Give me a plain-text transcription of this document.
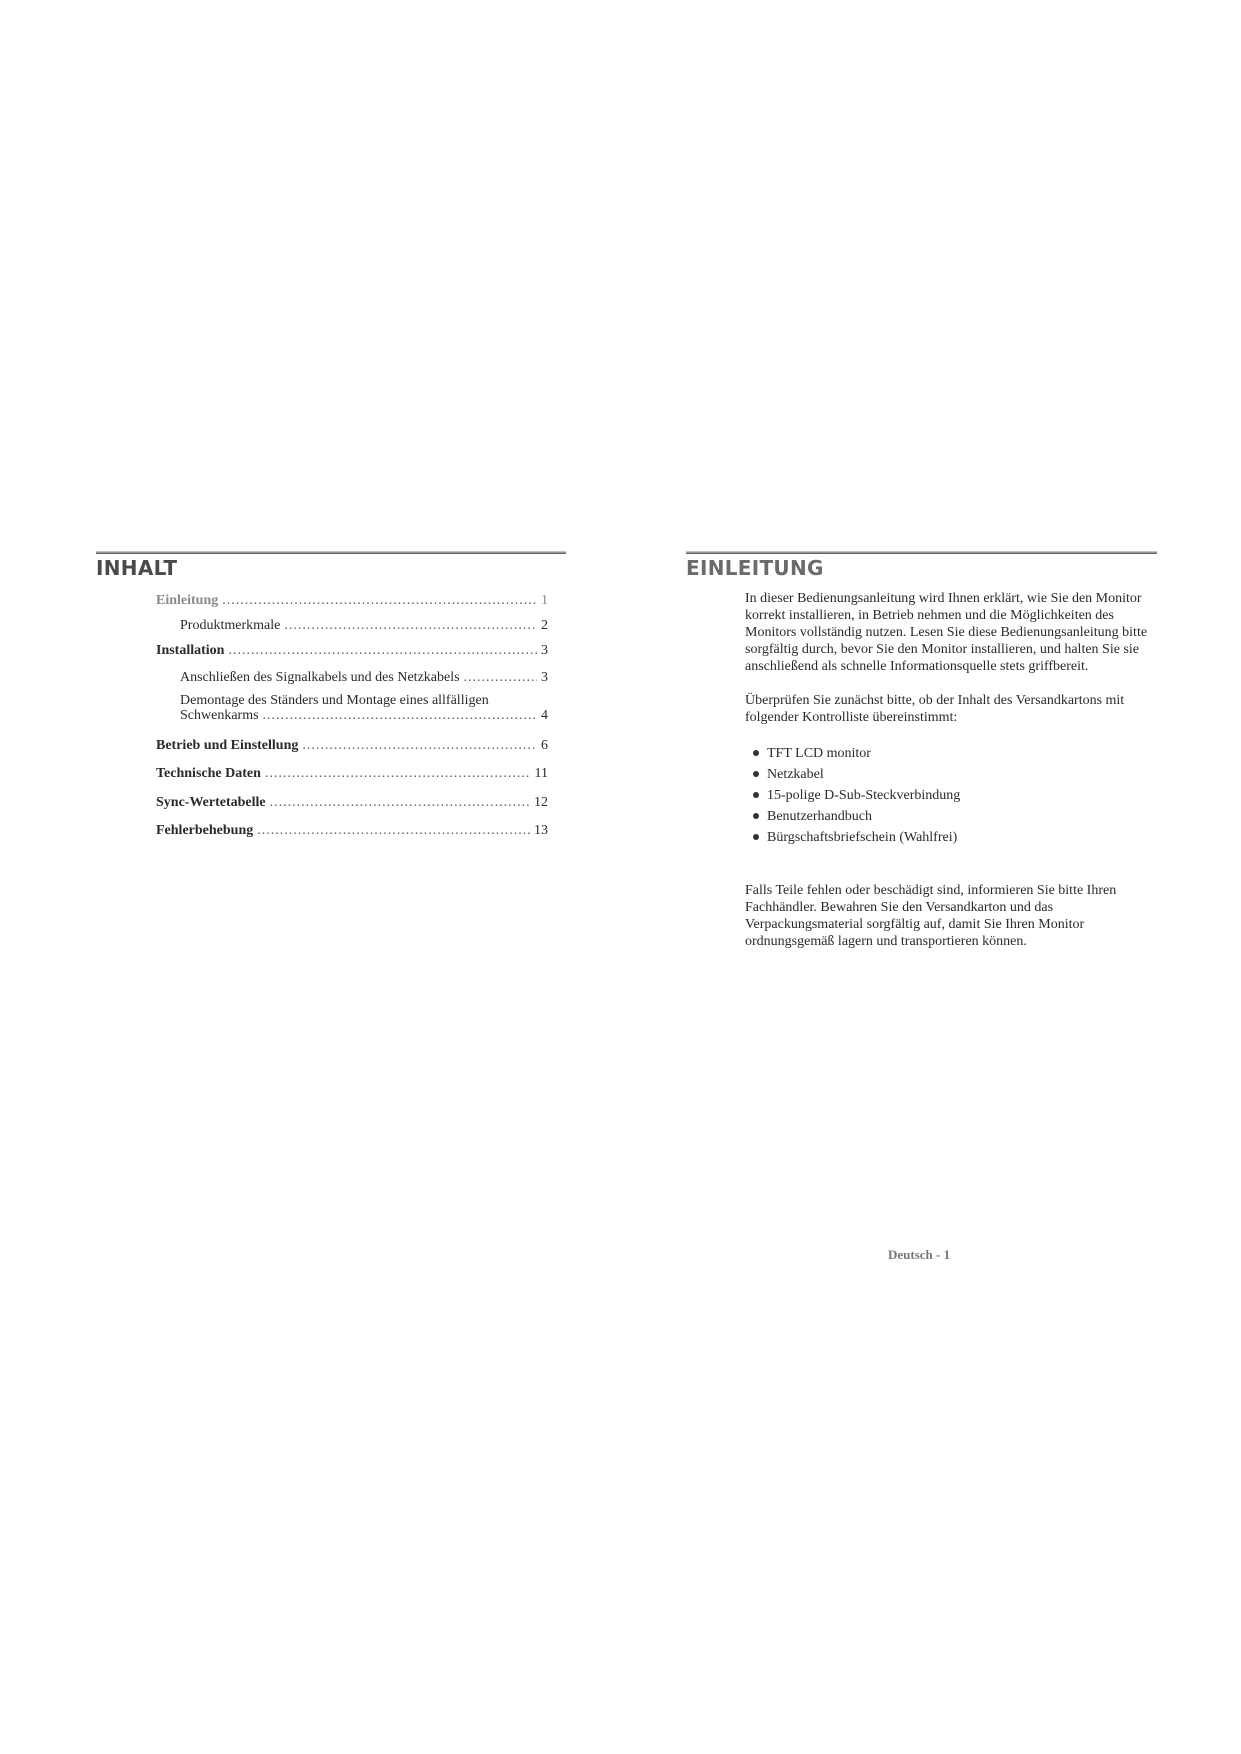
INHALT
Einleitung .....	1
Produktmerkmale .....	2
Installation .....	3
Anschließen des Signalkabels und des Netzkabels .....	3
Demontage des Ständers und Montage eines allfälligen
Schwenkarms .....	4
Betrieb und Einstellung .....	6
Technische Daten .....	11
Sync-Wertetabelle .....	12
Fehlerbehebung .....	13
EINLEITUNG

In dieser Bedienungsanleitung wird Ihnen erklärt, wie Sie den Monitor korrekt installieren, in Betrieb nehmen und die Möglichkeiten des Monitors vollständig nutzen. Lesen Sie diese Bedienungsanleitung bitte sorgfältig durch, bevor Sie den Monitor installieren, und halten Sie sie anschließend als schnelle Informationsquelle stets griffbereit.

Überprüfen Sie zunächst bitte, ob der Inhalt des Versandkartons mit folgender Kontrolliste übereinstimmt:

TFT LCD monitor
Netzkabel
15-polige D-Sub-Steckverbindung
Benutzerhandbuch
Bürgschaftsbriefschein (Wahlfrei)

Falls Teile fehlen oder beschädigt sind, informieren Sie bitte Ihren Fachhändler. Bewahren Sie den Versandkarton und das Verpackungsmaterial sorgfältig auf, damit Sie Ihren Monitor ordnungsgemäß lagern und transportieren können.

Deutsch - 1
